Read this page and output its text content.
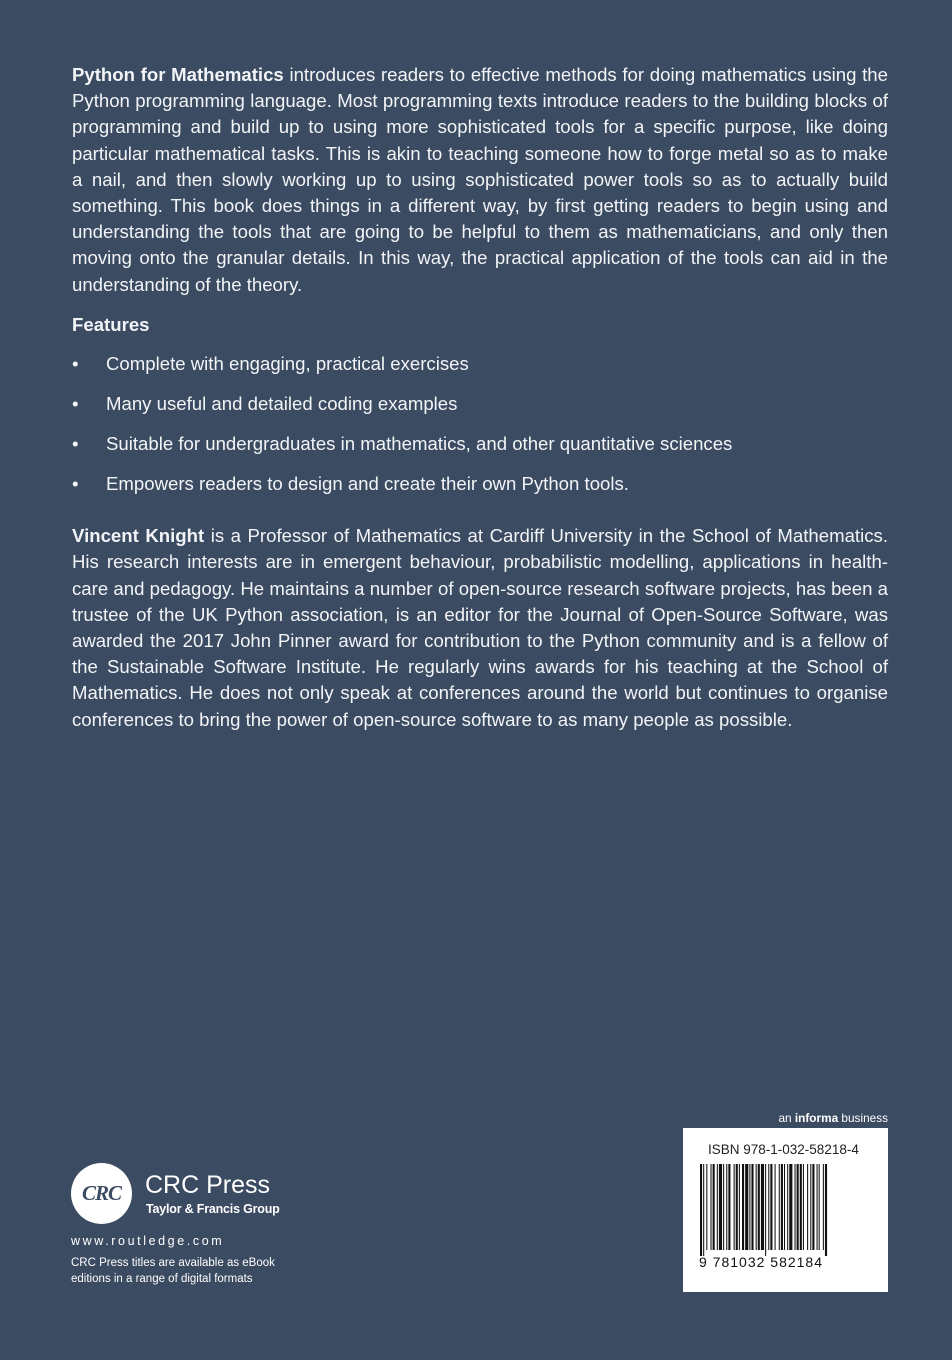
Python for Mathematics introduces readers to effective methods for doing mathematics using the Python programming language. Most programming texts introduce readers to the building blocks of programming and build up to using more sophisticated tools for a specific purpose, like doing particular mathematical tasks. This is akin to teaching someone how to forge metal so as to make a nail, and then slowly working up to using sophisticated power tools so as to actually build something. This book does things in a different way, by first getting readers to begin using and understanding the tools that are going to be helpful to them as mathematicians, and only then moving onto the granular details. In this way, the practical application of the tools can aid in the understanding of the theory.

Features
• Complete with engaging, practical exercises
• Many useful and detailed coding examples
• Suitable for undergraduates in mathematics, and other quantitative sciences
• Empowers readers to design and create their own Python tools.

Vincent Knight is a Professor of Mathematics at Cardiff University in the School of Mathematics. His research interests are in emergent behaviour, probabilistic modelling, applications in health-care and pedagogy. He maintains a number of open-source research software projects, has been a trustee of the UK Python association, is an editor for the Journal of Open-Source Software, was awarded the 2017 John Pinner award for contribution to the Python community and is a fellow of the Sustainable Software Institute. He regularly wins awards for his teaching at the School of Mathematics. He does not only speak at conferences around the world but continues to organise conferences to bring the power of open-source software to as many people as possible.

CRC CRC Press
Taylor & Francis Group
www.routledge.com
CRC Press titles are available as eBook editions in a range of digital formats
an informa business
ISBN 978-1-032-58218-4
9 781032 582184
